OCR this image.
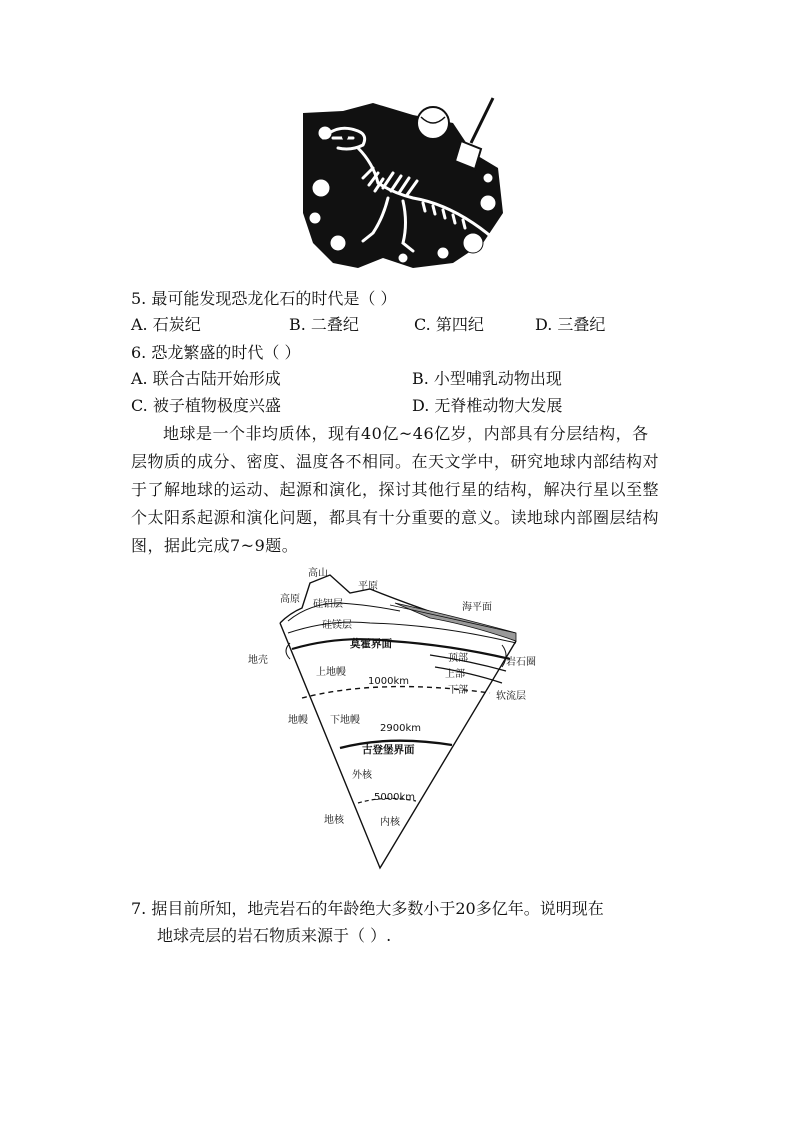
5. 最可能发现恐龙化石的时代是（ ）
A. 石炭纪	B. 二叠纪	C. 第四纪	D. 三叠纪
6. 恐龙繁盛的时代（ ）
A. 联合古陆开始形成	B. 小型哺乳动物出现
C. 被子植物极度兴盛	D. 无脊椎动物大发展
地球是一个非均质体，现有40亿~46亿岁，内部具有分层结构，各层物质的成分、密度、温度各不相同。在天文学中，研究地球内部结构对于了解地球的运动、起源和演化，探讨其他行星的结构，解决行星以至整个太阳系起源和演化问题，都具有十分重要的意义。读地球内部圈层结构图，据此完成7~9题。
高山
平原
高原 硅铝层	海平面
硅镁层
莫霍界面
地壳	顶部
上部
下部
岩石圈
软流层
上地幔
1000km
下地幔
地幔
2900km
古登堡界面
外核
5000km
地核	内核
7. 据目前所知，地壳岩石的年龄绝大多数小于20多亿年。说明现在
地球壳层的岩石物质来源于（ ）.
